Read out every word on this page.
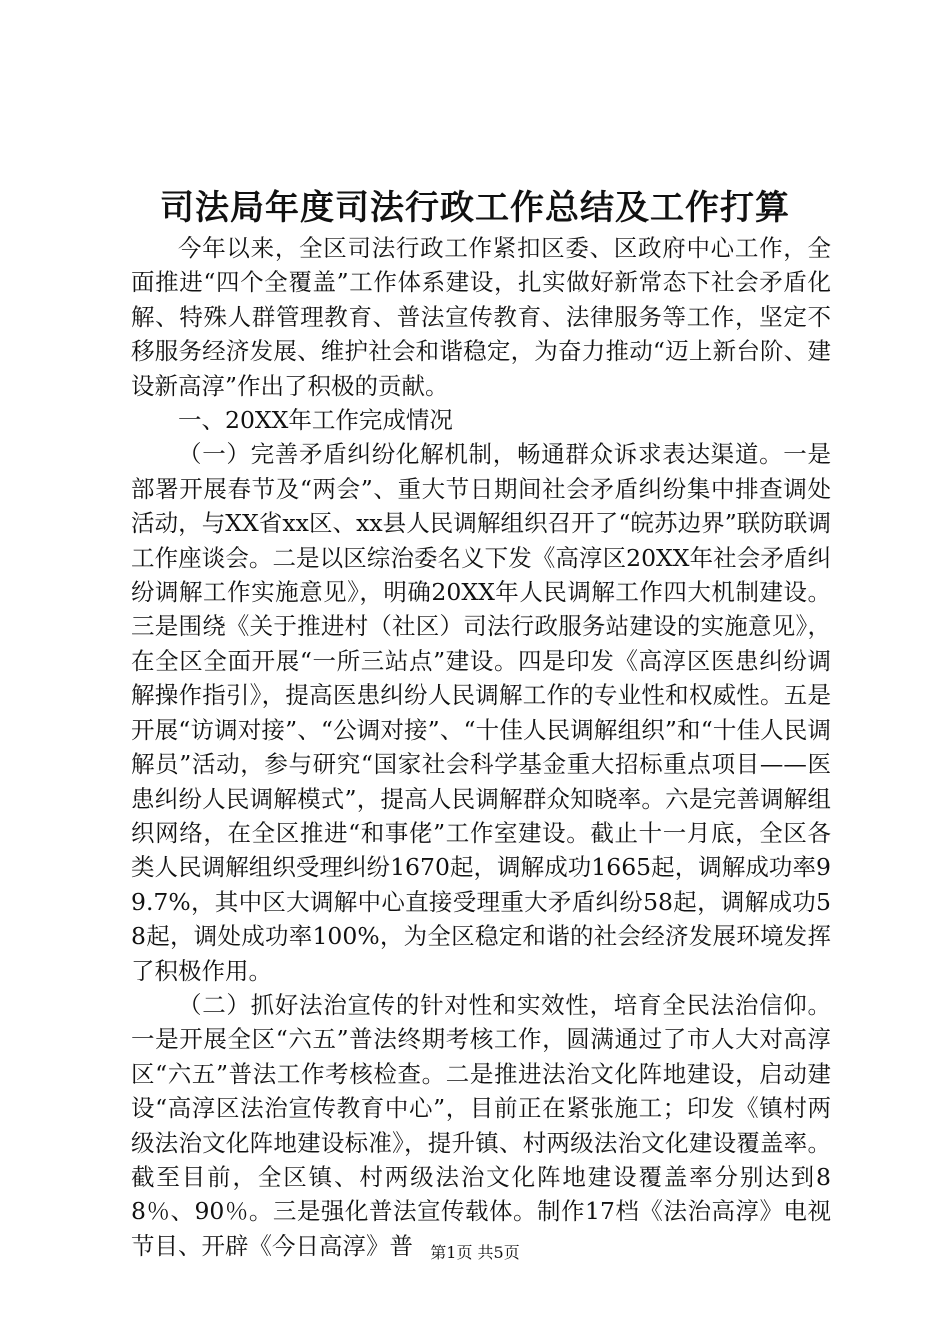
司法局年度司法行政工作总结及工作打算

今年以来，全区司法行政工作紧扣区委、区政府中心工作，全面推进“四个全覆盖”工作体系建设，扎实做好新常态下社会矛盾化解、特殊人群管理教育、普法宣传教育、法律服务等工作，坚定不移服务经济发展、维护社会和谐稳定，为奋力推动“迈上新台阶、建设新高淳”作出了积极的贡献。

一、20XX年工作完成情况

（一）完善矛盾纠纷化解机制，畅通群众诉求表达渠道。一是部署开展春节及“两会”、重大节日期间社会矛盾纠纷集中排查调处活动，与XX省xx区、xx县人民调解组织召开了“皖苏边界”联防联调工作座谈会。二是以区综治委名义下发《高淳区20XX年社会矛盾纠纷调解工作实施意见》，明确20XX年人民调解工作四大机制建设。三是围绕《关于推进村（社区）司法行政服务站建设的实施意见》，在全区全面开展“一所三站点”建设。四是印发《高淳区医患纠纷调解操作指引》，提高医患纠纷人民调解工作的专业性和权威性。五是开展“访调对接”、“公调对接”、“十佳人民调解组织”和“十佳人民调解员”活动，参与研究“国家社会科学基金重大招标重点项目——医患纠纷人民调解模式”，提高人民调解群众知晓率。六是完善调解组织网络，在全区推进“和事佬”工作室建设。截止十一月底，全区各类人民调解组织受理纠纷1670起，调解成功1665起，调解成功率99.7%，其中区大调解中心直接受理重大矛盾纠纷58起，调解成功58起，调处成功率100%，为全区稳定和谐的社会经济发展环境发挥了积极作用。

（二）抓好法治宣传的针对性和实效性，培育全民法治信仰。一是开展全区“六五”普法终期考核工作，圆满通过了市人大对高淳区“六五”普法工作考核检查。二是推进法治文化阵地建设，启动建设“高淳区法治宣传教育中心”，目前正在紧张施工；印发《镇村两级法治文化阵地建设标准》，提升镇、村两级法治文化建设覆盖率。截至目前，全区镇、村两级法治文化阵地建设覆盖率分别达到88％、90％。三是强化普法宣传载体。制作17档《法治高淳》电视节目、开辟《今日高淳》普	第1页 共5页
